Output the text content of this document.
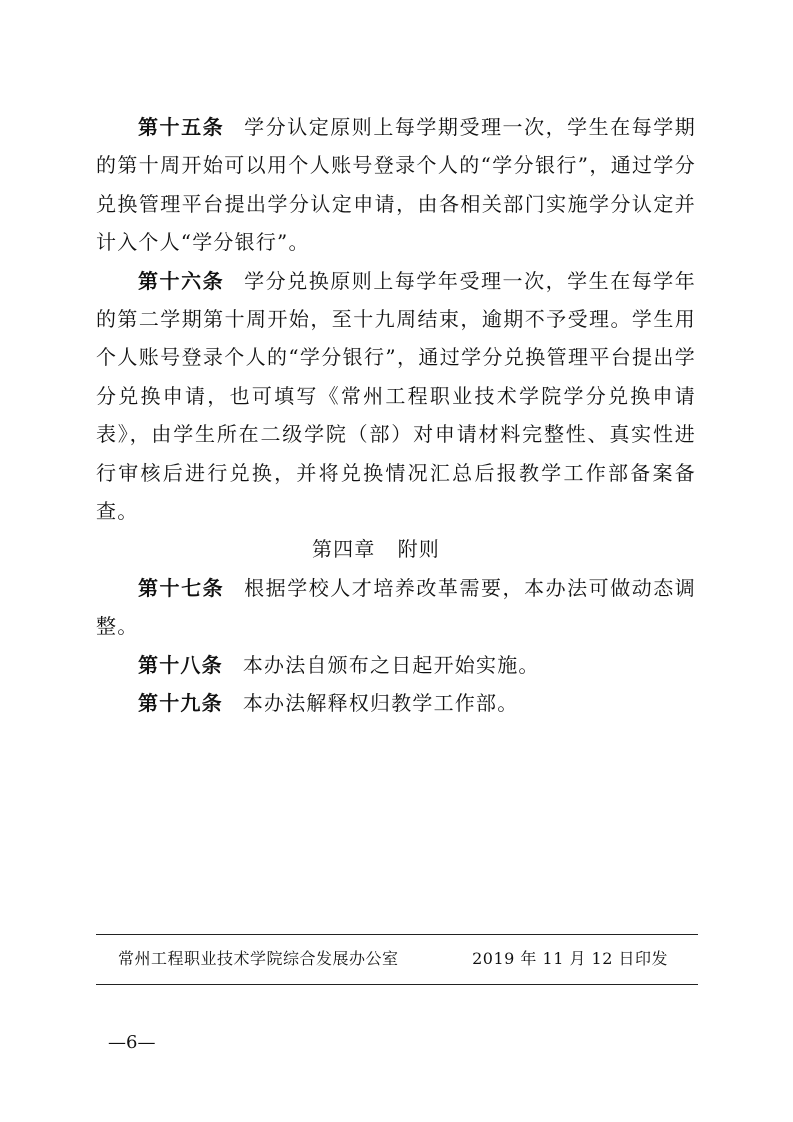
第十五条 学分认定原则上每学期受理一次，学生在每学期的第十周开始可以用个人账号登录个人的“学分银行”，通过学分兑换管理平台提出学分认定申请，由各相关部门实施学分认定并计入个人“学分银行”。

第十六条 学分兑换原则上每学年受理一次，学生在每学年的第二学期第十周开始，至十九周结束，逾期不予受理。学生用个人账号登录个人的“学分银行”，通过学分兑换管理平台提出学分兑换申请，也可填写《常州工程职业技术学院学分兑换申请表》，由学生所在二级学院（部）对申请材料完整性、真实性进行审核后进行兑换，并将兑换情况汇总后报教学工作部备案备查。

第四章 附则

第十七条 根据学校人才培养改革需要，本办法可做动态调整。

第十八条 本办法自颁布之日起开始实施。

第十九条 本办法解释权归教学工作部。

常州工程职业技术学院综合发展办公室	2019 年 11 月 12 日印发
—6—
